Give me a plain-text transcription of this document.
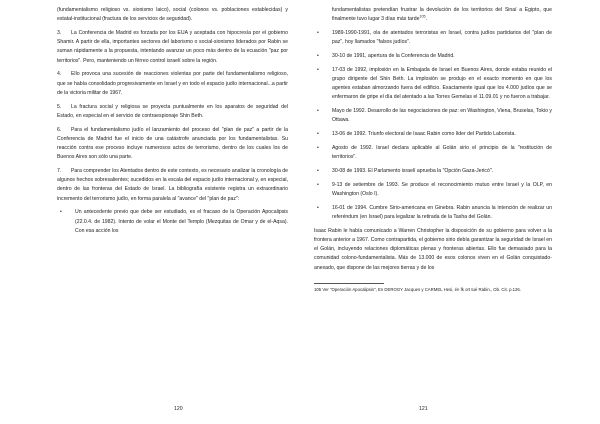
(fundamentalismo religioso vs. sionismo laico), social (colonos vs. poblaciones establecidas) y estatal-institucional (fractura de los servicios de seguridad).

3. La Conferencia de Madrid es forzada por los EUA y aceptada con hipocresía por el gobierno Shamir. A partir de ella, importantes sectores del laborismo o social-sionismo liderados por Rabin se suman rápidamente a la propuesta, intentando avanzar un poco más dentro de la ecuación "paz por territorios". Pero, manteniendo un férreo control israelí sobre la región.
4. Ello provoca una sucesión de reacciones violentas por parte del fundamentalismo religioso, que se había consolidado progresivamente en Israel y en todo el espacio judío internacional...a partir de la victoria militar de 1967.
5. La fractura social y religiosa se proyecta puntualmente en los aparatos de seguridad del Estado, en especial en el servicio de contraespionaje Shin Beth.
6. Para el fundamentalismo judío el lanzamiento del proceso del "plan de paz" a partir de la Conferencia de Madrid fue el inicio de una catástrofe anunciada por los fundamentalistas. Su reacción contra ese proceso incluye numerosos actos de terrorismo, dentro de los cuales los de Buenos Aires son sólo una parte.
7. Para comprender los Atentados dentro de este contexto, es necesario analizar la cronología de algunos hechos sobresalientes; sucedidos en la escala del espacio judío internacional y, en especial, dentro de las fronteras del Estado de Israel. La bibliografía existente registra un extraordinario incremento del terrorismo judío, en forma paralela al "avance" del "plan de paz":
•	Un antecedente previo que debe ser estudiado, es el fracaso de la Operación Apocalipsis (22.0.4. de 1982). Intento de volar el Monte del Templo (Mezquitas de Omar y de el-Aqsa). Con esa acción los
120

fundamentalistas pretendían frustrar la devolución de los territorios del Sinaí a Egipto, que finalmente tuvo lugar 3 días más tarde$^{105}$.

•	1989-1990-1991, ola de atentados terroristas en Israel, contra judíos partidarios del "plan de paz", hoy llamados "falsos judíos".
•	30-10 de 1991, apertura de la Conferencia de Madrid.
•	17-03 de 1992, implosión en la Embajada de Israel en Buenos Aires, donde estaba reunido el grupo dirigente del Shin Beth. La implosión se produjo en el exacto momento en que los agentes estaban almorzando fuera del edificio. Exactamente igual que los 4.000 judíos que se enfermaron de gripe el día del atentado a las Torres Gemelas el 11.09.01 y no fueron a trabajar.
•	Mayo de 1992. Desarrollo de las negociaciones de paz: en Washington, Viena, Bruselas, Tokio y Ottawa.
•	13-06 de 1992. Triunfo electoral de Isaac Rabin como líder del Partido Laborista.
•	Agosto de 1992. Israel declara aplicable al Golán sirio el principio de la "restitución de territorios".
•	30-08 de 1993. El Parlamento israelí aprueba la "Opción Gaza-Jericó".
•	9-13 de setiembre de 1993. Se produce el reconocimiento mutuo entre Israel y la OLP, en Washington (Oslo I).
•	16-01 de 1994. Cumbre Sirio-americana en Ginebra. Rabin anuncia la intención de realizar un referéndum (en Israel) para legalizar la retirada de la Tasha del Golán.

Isaac Rabin le había comunicado a Warren Christopher la disposición de su gobierno para volver a la frontera anterior a 1967. Como contrapartida, el gobierno sirio debía garantizar la seguridad de Israel en el Golán, incluyendo relaciones diplomáticas plenas y fronteras abiertas. Ello fue demasiado para la comunidad colono-fundamentalista. Más de 13.000 de esos colonos viven en el Golán conquistado-anexado, que dispone de las mejores tierras y de los

105 Ver "Operación Apocalipsis", En DEROGY Jacques y CARMEL Hesi, én fk ort tué Rabin., Ob. Cit. p.126.

121
